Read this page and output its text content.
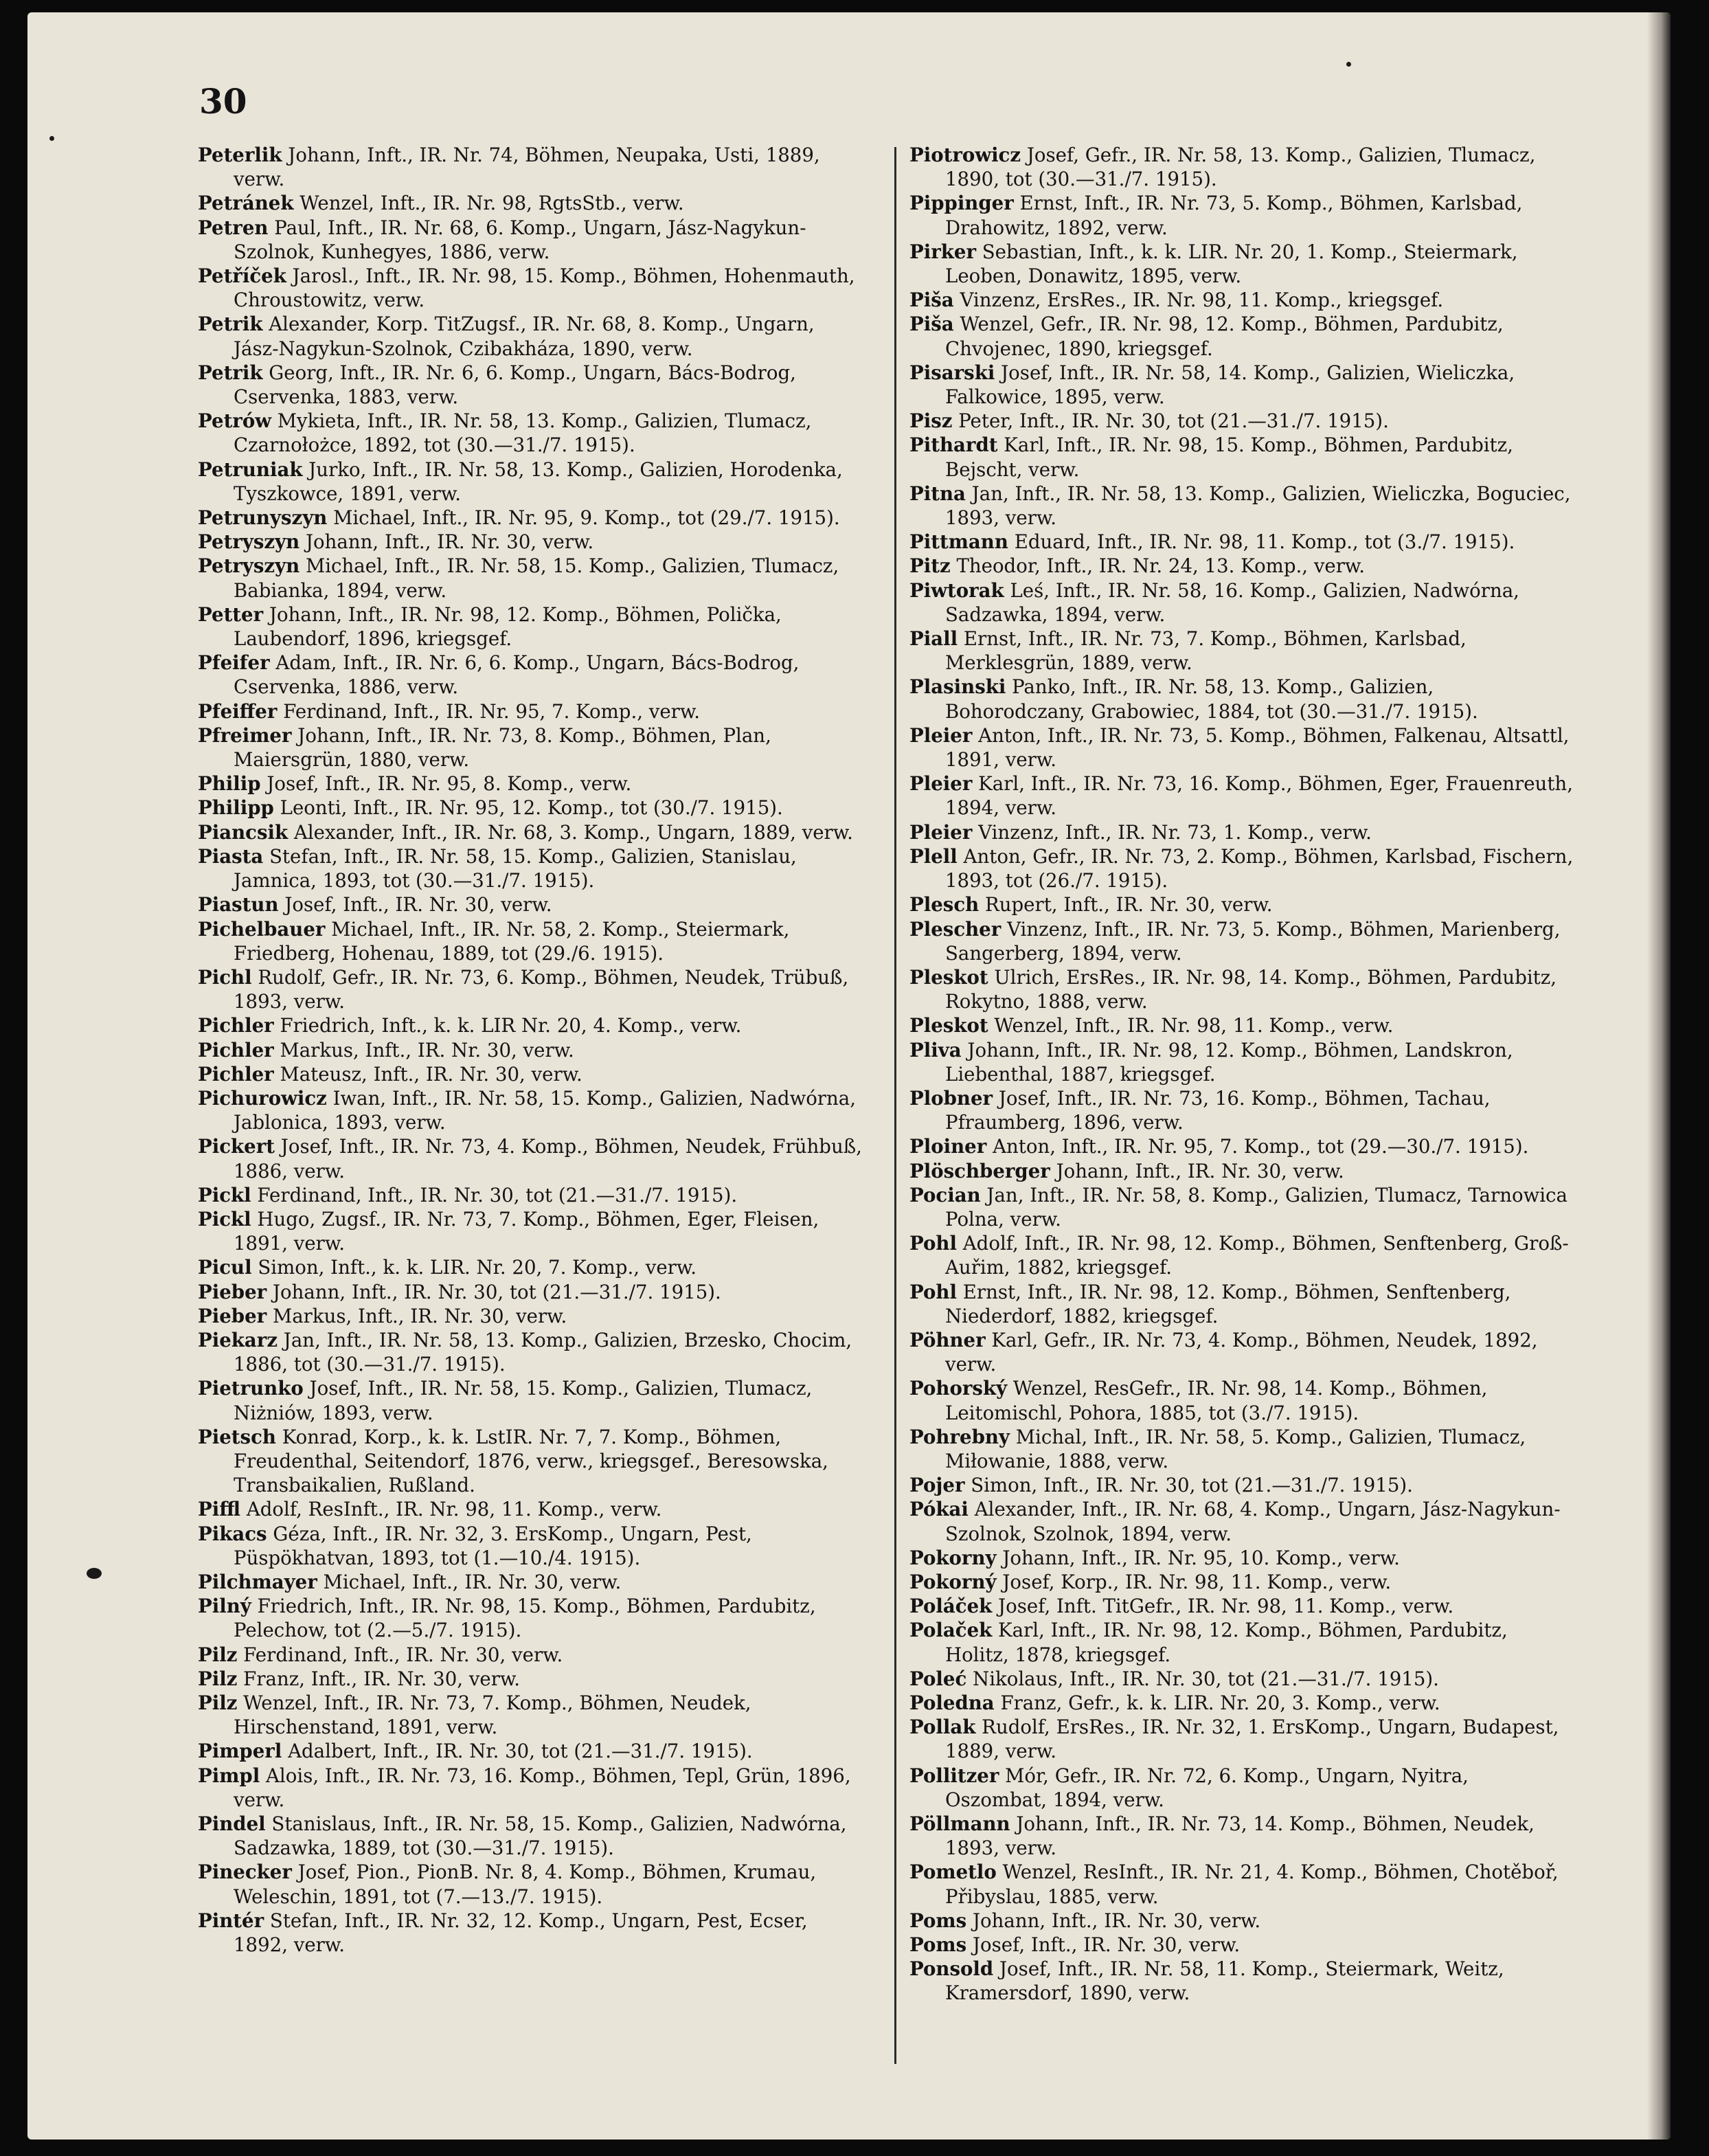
30

Peterlik Johann, Inft., IR. Nr. 74, Böhmen, Neupaka, Usti, 1889, verw.

Petránek Wenzel, Inft., IR. Nr. 98, RgtsStb., verw.

Petren Paul, Inft., IR. Nr. 68, 6. Komp., Ungarn, Jász-Nagykun-Szolnok, Kunhegyes, 1886, verw.

Petříček Jarosl., Inft., IR. Nr. 98, 15. Komp., Böhmen, Hohenmauth, Chroustowitz, verw.

Petrik Alexander, Korp. TitZugsf., IR. Nr. 68, 8. Komp., Ungarn, Jász-Nagykun-Szolnok, Czibakháza, 1890, verw.

Petrik Georg, Inft., IR. Nr. 6, 6. Komp., Ungarn, Bács-Bodrog, Cservenka, 1883, verw.

Petrów Mykieta, Inft., IR. Nr. 58, 13. Komp., Galizien, Tlumacz, Czarnołożce, 1892, tot (30.—31./7. 1915).

Petruniak Jurko, Inft., IR. Nr. 58, 13. Komp., Galizien, Horodenka, Tyszkowce, 1891, verw.

Petrunyszyn Michael, Inft., IR. Nr. 95, 9. Komp., tot (29./7. 1915).

Petryszyn Johann, Inft., IR. Nr. 30, verw.

Petryszyn Michael, Inft., IR. Nr. 58, 15. Komp., Galizien, Tlumacz, Babianka, 1894, verw.

Petter Johann, Inft., IR. Nr. 98, 12. Komp., Böhmen, Polička, Laubendorf, 1896, kriegsgef.

Pfeifer Adam, Inft., IR. Nr. 6, 6. Komp., Ungarn, Bács-Bodrog, Cservenka, 1886, verw.

Pfeiffer Ferdinand, Inft., IR. Nr. 95, 7. Komp., verw.

Pfreimer Johann, Inft., IR. Nr. 73, 8. Komp., Böhmen, Plan, Maiersgrün, 1880, verw.

Philip Josef, Inft., IR. Nr. 95, 8. Komp., verw.

Philipp Leonti, Inft., IR. Nr. 95, 12. Komp., tot (30./7. 1915).

Piancsik Alexander, Inft., IR. Nr. 68, 3. Komp., Ungarn, 1889, verw.

Piasta Stefan, Inft., IR. Nr. 58, 15. Komp., Galizien, Stanislau, Jamnica, 1893, tot (30.—31./7. 1915).

Piastun Josef, Inft., IR. Nr. 30, verw.

Pichelbauer Michael, Inft., IR. Nr. 58, 2. Komp., Steiermark, Friedberg, Hohenau, 1889, tot (29./6. 1915).

Pichl Rudolf, Gefr., IR. Nr. 73, 6. Komp., Böhmen, Neudek, Trübuß, 1893, verw.

Pichler Friedrich, Inft., k. k. LIR Nr. 20, 4. Komp., verw.

Pichler Markus, Inft., IR. Nr. 30, verw.

Pichler Mateusz, Inft., IR. Nr. 30, verw.

Pichurowicz Iwan, Inft., IR. Nr. 58, 15. Komp., Galizien, Nadwórna, Jablonica, 1893, verw.

Pickert Josef, Inft., IR. Nr. 73, 4. Komp., Böhmen, Neudek, Frühbuß, 1886, verw.

Pickl Ferdinand, Inft., IR. Nr. 30, tot (21.—31./7. 1915).

Pickl Hugo, Zugsf., IR. Nr. 73, 7. Komp., Böhmen, Eger, Fleisen, 1891, verw.

Picul Simon, Inft., k. k. LIR. Nr. 20, 7. Komp., verw.

Pieber Johann, Inft., IR. Nr. 30, tot (21.—31./7. 1915).

Pieber Markus, Inft., IR. Nr. 30, verw.

Piekarz Jan, Inft., IR. Nr. 58, 13. Komp., Galizien, Brzesko, Chocim, 1886, tot (30.—31./7. 1915).

Pietrunko Josef, Inft., IR. Nr. 58, 15. Komp., Galizien, Tlumacz, Niżniów, 1893, verw.

Pietsch Konrad, Korp., k. k. LstIR. Nr. 7, 7. Komp., Böhmen, Freudenthal, Seitendorf, 1876, verw., kriegsgef., Beresowska, Transbaikalien, Rußland.

Piffl Adolf, ResInft., IR. Nr. 98, 11. Komp., verw.

Pikacs Géza, Inft., IR. Nr. 32, 3. ErsKomp., Ungarn, Pest, Püspökhatvan, 1893, tot (1.—10./4. 1915).

Pilchmayer Michael, Inft., IR. Nr. 30, verw.

Pilný Friedrich, Inft., IR. Nr. 98, 15. Komp., Böhmen, Pardubitz, Pelechow, tot (2.—5./7. 1915).

Pilz Ferdinand, Inft., IR. Nr. 30, verw.

Pilz Franz, Inft., IR. Nr. 30, verw.

Pilz Wenzel, Inft., IR. Nr. 73, 7. Komp., Böhmen, Neudek, Hirschenstand, 1891, verw.

Pimperl Adalbert, Inft., IR. Nr. 30, tot (21.—31./7. 1915).

Pimpl Alois, Inft., IR. Nr. 73, 16. Komp., Böhmen, Tepl, Grün, 1896, verw.

Pindel Stanislaus, Inft., IR. Nr. 58, 15. Komp., Galizien, Nadwórna, Sadzawka, 1889, tot (30.—31./7. 1915).

Pinecker Josef, Pion., PionB. Nr. 8, 4. Komp., Böhmen, Krumau, Weleschin, 1891, tot (7.—13./7. 1915).

Pintér Stefan, Inft., IR. Nr. 32, 12. Komp., Ungarn, Pest, Ecser, 1892, verw.

Piotrowicz Josef, Gefr., IR. Nr. 58, 13. Komp., Galizien, Tlumacz, 1890, tot (30.—31./7. 1915).

Pippinger Ernst, Inft., IR. Nr. 73, 5. Komp., Böhmen, Karlsbad, Drahowitz, 1892, verw.

Pirker Sebastian, Inft., k. k. LIR. Nr. 20, 1. Komp., Steiermark, Leoben, Donawitz, 1895, verw.

Piša Vinzenz, ErsRes., IR. Nr. 98, 11. Komp., kriegsgef.

Piša Wenzel, Gefr., IR. Nr. 98, 12. Komp., Böhmen, Pardubitz, Chvojenec, 1890, kriegsgef.

Pisarski Josef, Inft., IR. Nr. 58, 14. Komp., Galizien, Wieliczka, Falkowice, 1895, verw.

Pisz Peter, Inft., IR. Nr. 30, tot (21.—31./7. 1915).

Pithardt Karl, Inft., IR. Nr. 98, 15. Komp., Böhmen, Pardubitz, Bejscht, verw.

Pitna Jan, Inft., IR. Nr. 58, 13. Komp., Galizien, Wieliczka, Boguciec, 1893, verw.

Pittmann Eduard, Inft., IR. Nr. 98, 11. Komp., tot (3./7. 1915).

Pitz Theodor, Inft., IR. Nr. 24, 13. Komp., verw.

Piwtorak Leś, Inft., IR. Nr. 58, 16. Komp., Galizien, Nadwórna, Sadzawka, 1894, verw.

Piall Ernst, Inft., IR. Nr. 73, 7. Komp., Böhmen, Karlsbad, Merklesgrün, 1889, verw.

Plasinski Panko, Inft., IR. Nr. 58, 13. Komp., Galizien, Bohorodczany, Grabowiec, 1884, tot (30.—31./7. 1915).

Pleier Anton, Inft., IR. Nr. 73, 5. Komp., Böhmen, Falkenau, Altsattl, 1891, verw.

Pleier Karl, Inft., IR. Nr. 73, 16. Komp., Böhmen, Eger, Frauenreuth, 1894, verw.

Pleier Vinzenz, Inft., IR. Nr. 73, 1. Komp., verw.

Plell Anton, Gefr., IR. Nr. 73, 2. Komp., Böhmen, Karlsbad, Fischern, 1893, tot (26./7. 1915).

Plesch Rupert, Inft., IR. Nr. 30, verw.

Plescher Vinzenz, Inft., IR. Nr. 73, 5. Komp., Böhmen, Marienberg, Sangerberg, 1894, verw.

Pleskot Ulrich, ErsRes., IR. Nr. 98, 14. Komp., Böhmen, Pardubitz, Rokytno, 1888, verw.

Pleskot Wenzel, Inft., IR. Nr. 98, 11. Komp., verw.

Pliva Johann, Inft., IR. Nr. 98, 12. Komp., Böhmen, Landskron, Liebenthal, 1887, kriegsgef.

Plobner Josef, Inft., IR. Nr. 73, 16. Komp., Böhmen, Tachau, Pfraumberg, 1896, verw.

Ploiner Anton, Inft., IR. Nr. 95, 7. Komp., tot (29.—30./7. 1915).

Plöschberger Johann, Inft., IR. Nr. 30, verw.

Pocian Jan, Inft., IR. Nr. 58, 8. Komp., Galizien, Tlumacz, Tarnowica Polna, verw.

Pohl Adolf, Inft., IR. Nr. 98, 12. Komp., Böhmen, Senftenberg, Groß-Auřim, 1882, kriegsgef.

Pohl Ernst, Inft., IR. Nr. 98, 12. Komp., Böhmen, Senftenberg, Niederdorf, 1882, kriegsgef.

Pöhner Karl, Gefr., IR. Nr. 73, 4. Komp., Böhmen, Neudek, 1892, verw.

Pohorský Wenzel, ResGefr., IR. Nr. 98, 14. Komp., Böhmen, Leitomischl, Pohora, 1885, tot (3./7. 1915).

Pohrebny Michal, Inft., IR. Nr. 58, 5. Komp., Galizien, Tlumacz, Miłowanie, 1888, verw.

Pojer Simon, Inft., IR. Nr. 30, tot (21.—31./7. 1915).

Pókai Alexander, Inft., IR. Nr. 68, 4. Komp., Ungarn, Jász-Nagykun-Szolnok, Szolnok, 1894, verw.

Pokorny Johann, Inft., IR. Nr. 95, 10. Komp., verw.

Pokorný Josef, Korp., IR. Nr. 98, 11. Komp., verw.

Poláček Josef, Inft. TitGefr., IR. Nr. 98, 11. Komp., verw.

Polaček Karl, Inft., IR. Nr. 98, 12. Komp., Böhmen, Pardubitz, Holitz, 1878, kriegsgef.

Poleć Nikolaus, Inft., IR. Nr. 30, tot (21.—31./7. 1915).

Poledna Franz, Gefr., k. k. LIR. Nr. 20, 3. Komp., verw.

Pollak Rudolf, ErsRes., IR. Nr. 32, 1. ErsKomp., Ungarn, Budapest, 1889, verw.

Pollitzer Mór, Gefr., IR. Nr. 72, 6. Komp., Ungarn, Nyitra, Oszombat, 1894, verw.

Pöllmann Johann, Inft., IR. Nr. 73, 14. Komp., Böhmen, Neudek, 1893, verw.

Pometlo Wenzel, ResInft., IR. Nr. 21, 4. Komp., Böhmen, Chotěboř, Přibyslau, 1885, verw.

Poms Johann, Inft., IR. Nr. 30, verw.

Poms Josef, Inft., IR. Nr. 30, verw.

Ponsold Josef, Inft., IR. Nr. 58, 11. Komp., Steiermark, Weitz, Kramersdorf, 1890, verw.
